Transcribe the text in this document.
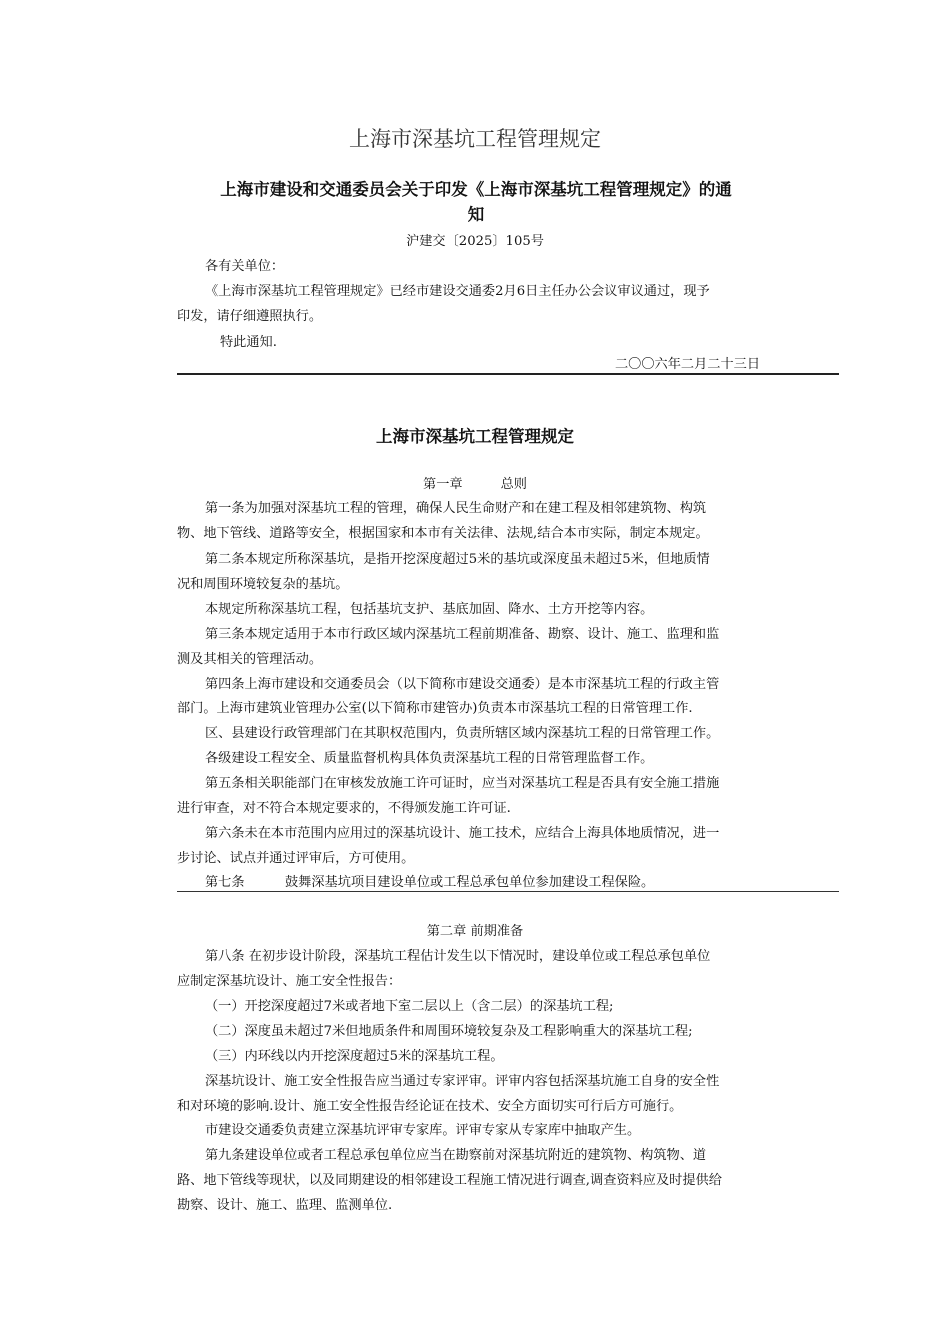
上海市深基坑工程管理规定
上海市建设和交通委员会关于印发《上海市深基坑工程管理规定》的通
知
沪建交〔2025〕105号
各有关单位：
《上海市深基坑工程管理规定》已经市建设交通委2月6日主任办公会议审议通过，现予
印发，请仔细遵照执行。
特此通知.
二〇〇六年二月二十三日
上海市深基坑工程管理规定
第一章	总则
第一条为加强对深基坑工程的管理，确保人民生命财产和在建工程及相邻建筑物、构筑
物、地下管线、道路等安全，根据国家和本市有关法律、法规,结合本市实际，制定本规定。
第二条本规定所称深基坑，是指开挖深度超过5米的基坑或深度虽未超过5米，但地质情
况和周围环境较复杂的基坑。
本规定所称深基坑工程，包括基坑支护、基底加固、降水、土方开挖等内容。
第三条本规定适用于本市行政区域内深基坑工程前期准备、勘察、设计、施工、监理和监
测及其相关的管理活动。
第四条上海市建设和交通委员会（以下简称市建设交通委）是本市深基坑工程的行政主管
部门。上海市建筑业管理办公室(以下简称市建管办)负责本市深基坑工程的日常管理工作.
区、县建设行政管理部门在其职权范围内，负责所辖区域内深基坑工程的日常管理工作。
各级建设工程安全、质量监督机构具体负责深基坑工程的日常管理监督工作。
第五条相关职能部门在审核发放施工许可证时，应当对深基坑工程是否具有安全施工措施
进行审查，对不符合本规定要求的，不得颁发施工许可证.
第六条未在本市范围内应用过的深基坑设计、施工技术，应结合上海具体地质情况，进一
步讨论、试点并通过评审后，方可使用。
第七条	鼓舞深基坑项目建设单位或工程总承包单位参加建设工程保险。
第二章 前期准备
第八条 在初步设计阶段，深基坑工程估计发生以下情况时，建设单位或工程总承包单位
应制定深基坑设计、施工安全性报告：
（一）开挖深度超过7米或者地下室二层以上（含二层）的深基坑工程;
（二）深度虽未超过7米但地质条件和周围环境较复杂及工程影响重大的深基坑工程;
（三）内环线以内开挖深度超过5米的深基坑工程。
深基坑设计、施工安全性报告应当通过专家评审。评审内容包括深基坑施工自身的安全性
和对环境的影响.设计、施工安全性报告经论证在技术、安全方面切实可行后方可施行。
市建设交通委负责建立深基坑评审专家库。评审专家从专家库中抽取产生。
第九条建设单位或者工程总承包单位应当在勘察前对深基坑附近的建筑物、构筑物、道
路、地下管线等现状，以及同期建设的相邻建设工程施工情况进行调查,调查资料应及时提供给
勘察、设计、施工、监理、监测单位.
